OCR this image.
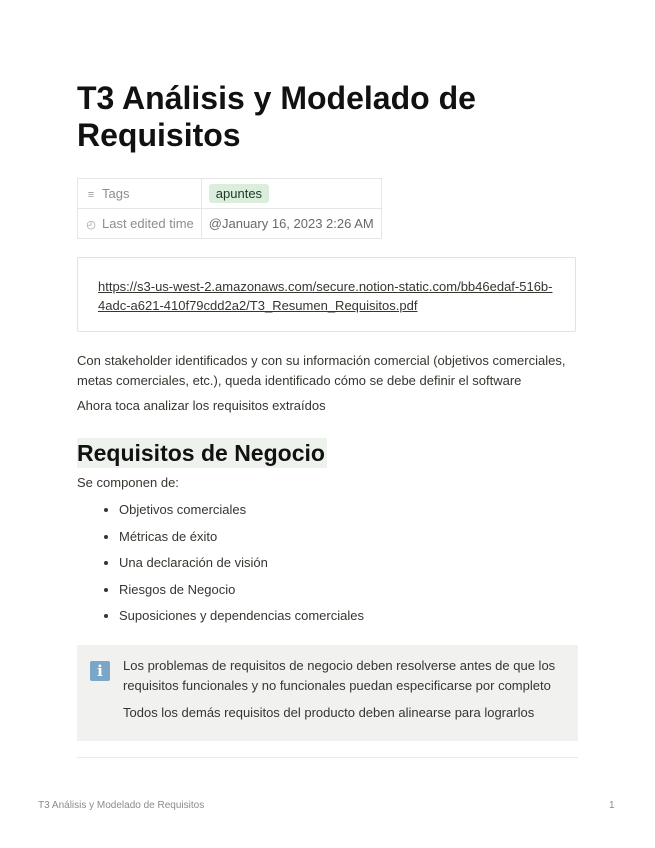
T3 Análisis y Modelado de Requisitos
≡ Tags	apuntes
◴ Last edited time	@January 16, 2023 2:26 AM
https://s3-us-west-2.amazonaws.com/secure.notion-static.com/bb46edaf-516b-4adc-a621-410f79cdd2a2/T3_Resumen_Requisitos.pdf

Con stakeholder identificados y con su información comercial (objetivos comerciales, metas comerciales, etc.), queda identificado cómo se debe definir el software

Ahora toca analizar los requisitos extraídos

Requisitos de Negocio

Se componen de:

• Objetivos comerciales
• Métricas de éxito
• Una declaración de visión
• Riesgos de Negocio
• Suposiciones y dependencias comerciales
i	Los problemas de requisitos de negocio deben resolverse antes de que los requisitos funcionales y no funcionales puedan especificarse por completo

Todos los demás requisitos del producto deben alinearse para lograrlos

T3 Análisis y Modelado de Requisitos	1
